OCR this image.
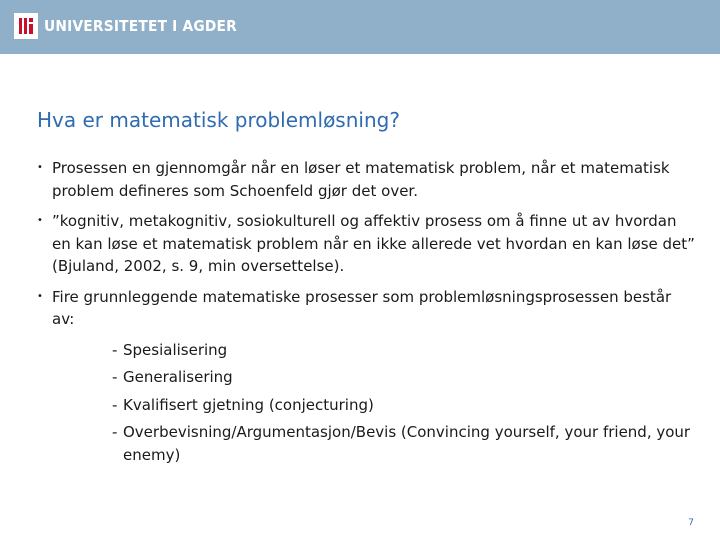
UNIVERSITETET I AGDER
Hva er matematisk problemløsning?
• Prosessen en gjennomgår når en løser et matematisk problem, når et matematisk problem defineres som Schoenfeld gjør det over.
• ”kognitiv, metakognitiv, sosiokulturell og affektiv prosess om å finne ut av hvordan en kan løse et matematisk problem når en ikke allerede vet hvordan en kan løse det” (Bjuland, 2002, s. 9, min oversettelse).
• Fire grunnleggende matematiske prosesser som problemløsningsprosessen består av:
- Spesialisering
- Generalisering
- Kvalifisert gjetning (conjecturing)
- Overbevisning/Argumentasjon/Bevis (Convincing yourself, your friend, your enemy)
7
